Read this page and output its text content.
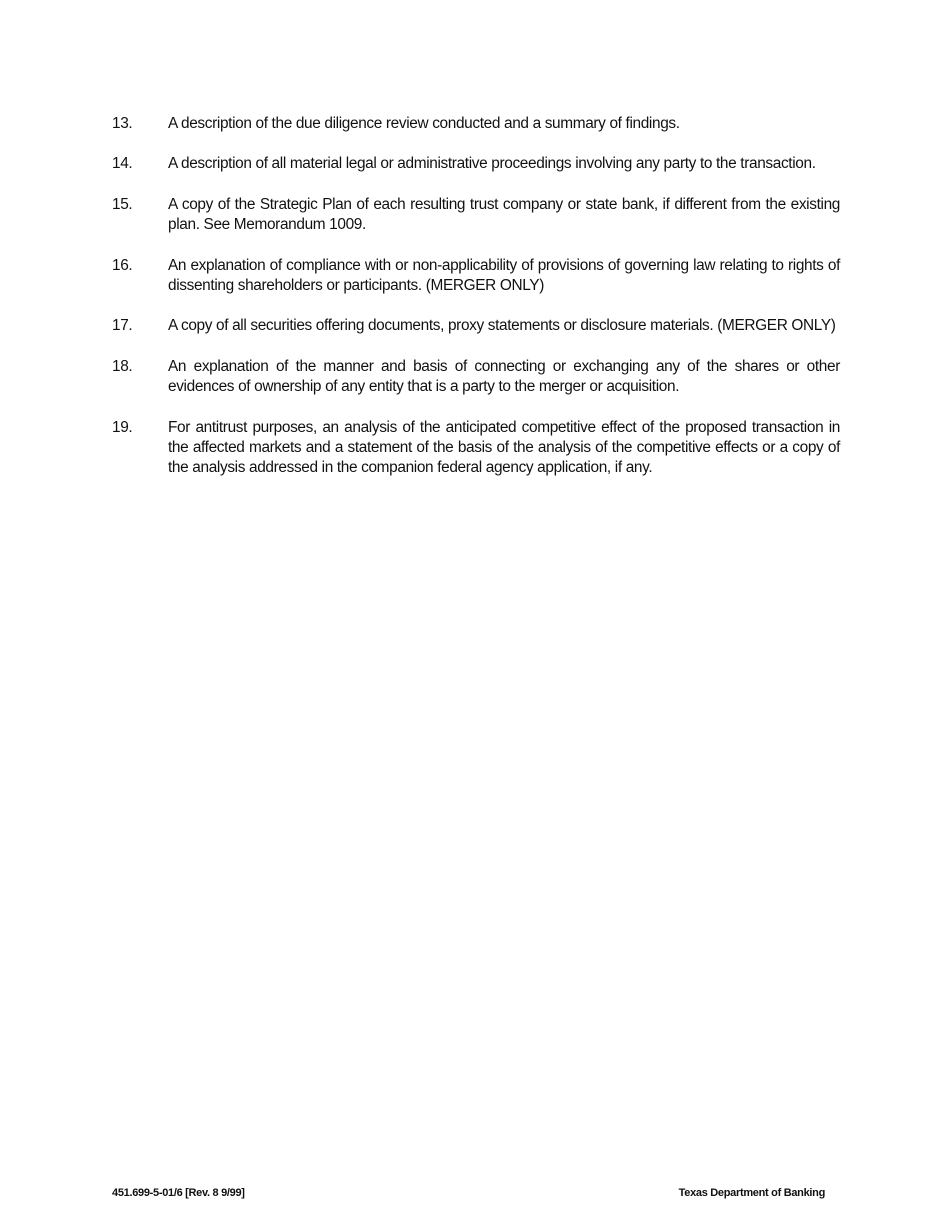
13.	A description of the due diligence review conducted and a summary of findings.
14.	A description of all material legal or administrative proceedings involving any party to the transaction.
15.	A copy of the Strategic Plan of each resulting trust company or state bank, if different from the existing plan. See Memorandum 1009.
16.	An explanation of compliance with or non-applicability of provisions of governing law relating to rights of dissenting shareholders or participants. (MERGER ONLY)
17.	A copy of all securities offering documents, proxy statements or disclosure materials. (MERGER ONLY)
18.	An explanation of the manner and basis of connecting or exchanging any of the shares or other evidences of ownership of any entity that is a party to the merger or acquisition.
19.	For antitrust purposes, an analysis of the anticipated competitive effect of the proposed transaction in the affected markets and a statement of the basis of the analysis of the competitive effects or a copy of the analysis addressed in the companion federal agency application, if any.
451.699-5-01/6 [Rev. 8 9/99]	Texas Department of Banking
